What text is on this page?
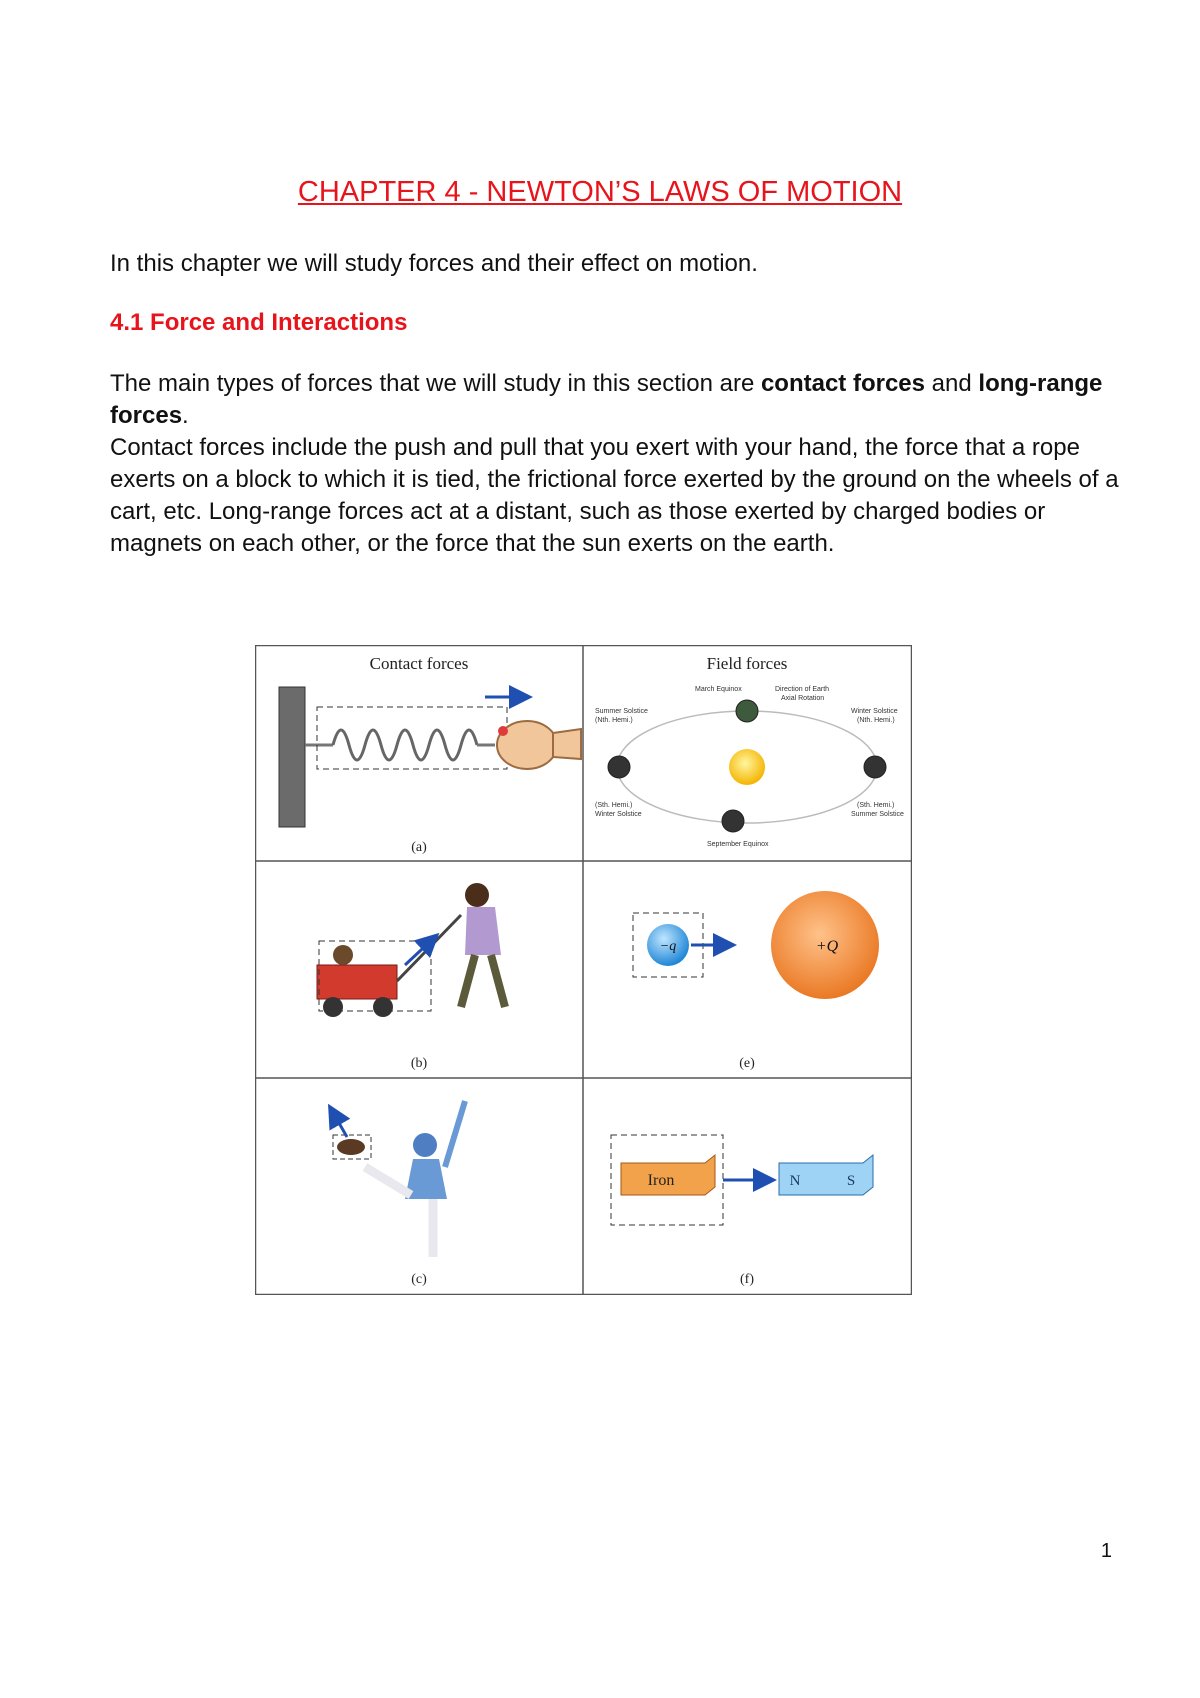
CHAPTER 4 - NEWTON’S LAWS OF MOTION

In this chapter we will study forces and their effect on motion.

4.1 Force and Interactions
The main types of forces that we will study in this section are contact forces and long-range forces.
Contact forces include the push and pull that you exert with your hand, the force that a rope exerts on a block to which it is tied, the frictional force exerted by the ground on the wheels of a cart, etc. Long-range forces act at a distant, such as those exerted by charged bodies or magnets on each other, or the force that the sun exerts on the earth.
Contact forces	Field forces
(a)
March Equinox	Direction of Earth
Axial Rotation
Summer Solstice
(Nth. Hemi.)
Winter Solstice
(Nth. Hemi.)
(Sth. Hemi.)
Winter Solstice
(Sth. Hemi.)
Summer Solstice
September Equinox
(b)
−q	+Q
(e)
(c)
Iron	N	S
(f)
1
